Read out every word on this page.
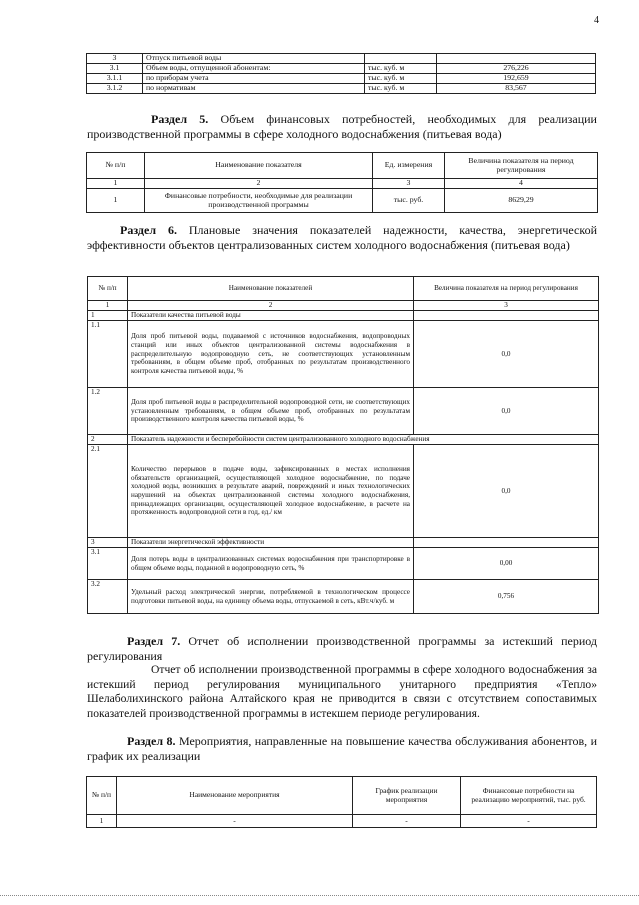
4
3	Отпуск питьевой воды		
3.1	Объем воды, отпущенной абонентам:	тыс. куб. м	276,226
3.1.1	по приборам учета	тыс. куб. м	192,659
3.1.2	по нормативам	тыс. куб. м	83,567

Раздел 5. Объем финансовых потребностей, необходимых для реализации производственной программы в сфере холодного водоснабжения (питьевая вода)

№ п/п	Наименование показателя	Ед. измерения	Величина показателя на период регулирования
1	2	3	4
1	Финансовые потребности, необходимые для реализации производственной программы	тыс. руб.	8629,29

Раздел 6. Плановые значения показателей надежности, качества, энергетической эффективности объектов централизованных систем холодного водоснабжения (питьевая вода)

№ п/п	Наименование показателей	Величина показателя на период регулирования
1	2	3
1	Показатели качества питьевой воды	
1.1	Доля проб питьевой воды, подаваемой с источников водоснабжения, водопроводных станций или иных объектов централизованной системы водоснабжения в распределительную водопроводную сеть, не соответствующих установленным требованиям, в общем объеме проб, отобранных по результатам производственного контроля качества питьевой воды, %	0,0
1.2	Доля проб питьевой воды в распределительной водопроводной сети, не соответствующих установленным требованиям, в общем объеме проб, отобранных по результатам производственного контроля качества питьевой воды, %	0,0
2	Показатель надежности и бесперебойности систем централизованного холодного водоснабжения	
2.1	Количество перерывов в подаче воды, зафиксированных в местах исполнения обязательств организацией, осуществляющей холодное водоснабжение, по подаче холодной воды, возникших в результате аварий, повреждений и иных технологических нарушений на объектах централизованной системы холодного водоснабжения, принадлежащих организации, осуществляющей холодное водоснабжение, в расчете на протяженность водопроводной сети в год, ед./ км	0,0
3	Показатели энергетической эффективности	
3.1	Доля потерь воды в централизованных системах водоснабжения при транспортировке в общем объеме воды, поданной в водопроводную сеть, %	0,00
3.2	Удельный расход электрической энергии, потребляемой в технологическом процессе подготовки питьевой воды, на единицу объема воды, отпускаемой в сеть, кВт.ч/куб. м	0,756

Раздел 7. Отчет об исполнении производственной программы за истекший период регулирования

Отчет об исполнении производственной программы в сфере холодного водоснабжения за истекший период регулирования муниципального унитарного предприятия «Тепло» Шелаболихинского района Алтайского края не приводится в связи с отсутствием сопоставимых показателей производственной программы в истекшем периоде регулирования.

Раздел 8. Мероприятия, направленные на повышение качества обслуживания абонентов, и график их реализации

№ п/п	Наименование мероприятия	График реализации мероприятия	Финансовые потребности на реализацию мероприятий, тыс. руб.
1	-	-	-
